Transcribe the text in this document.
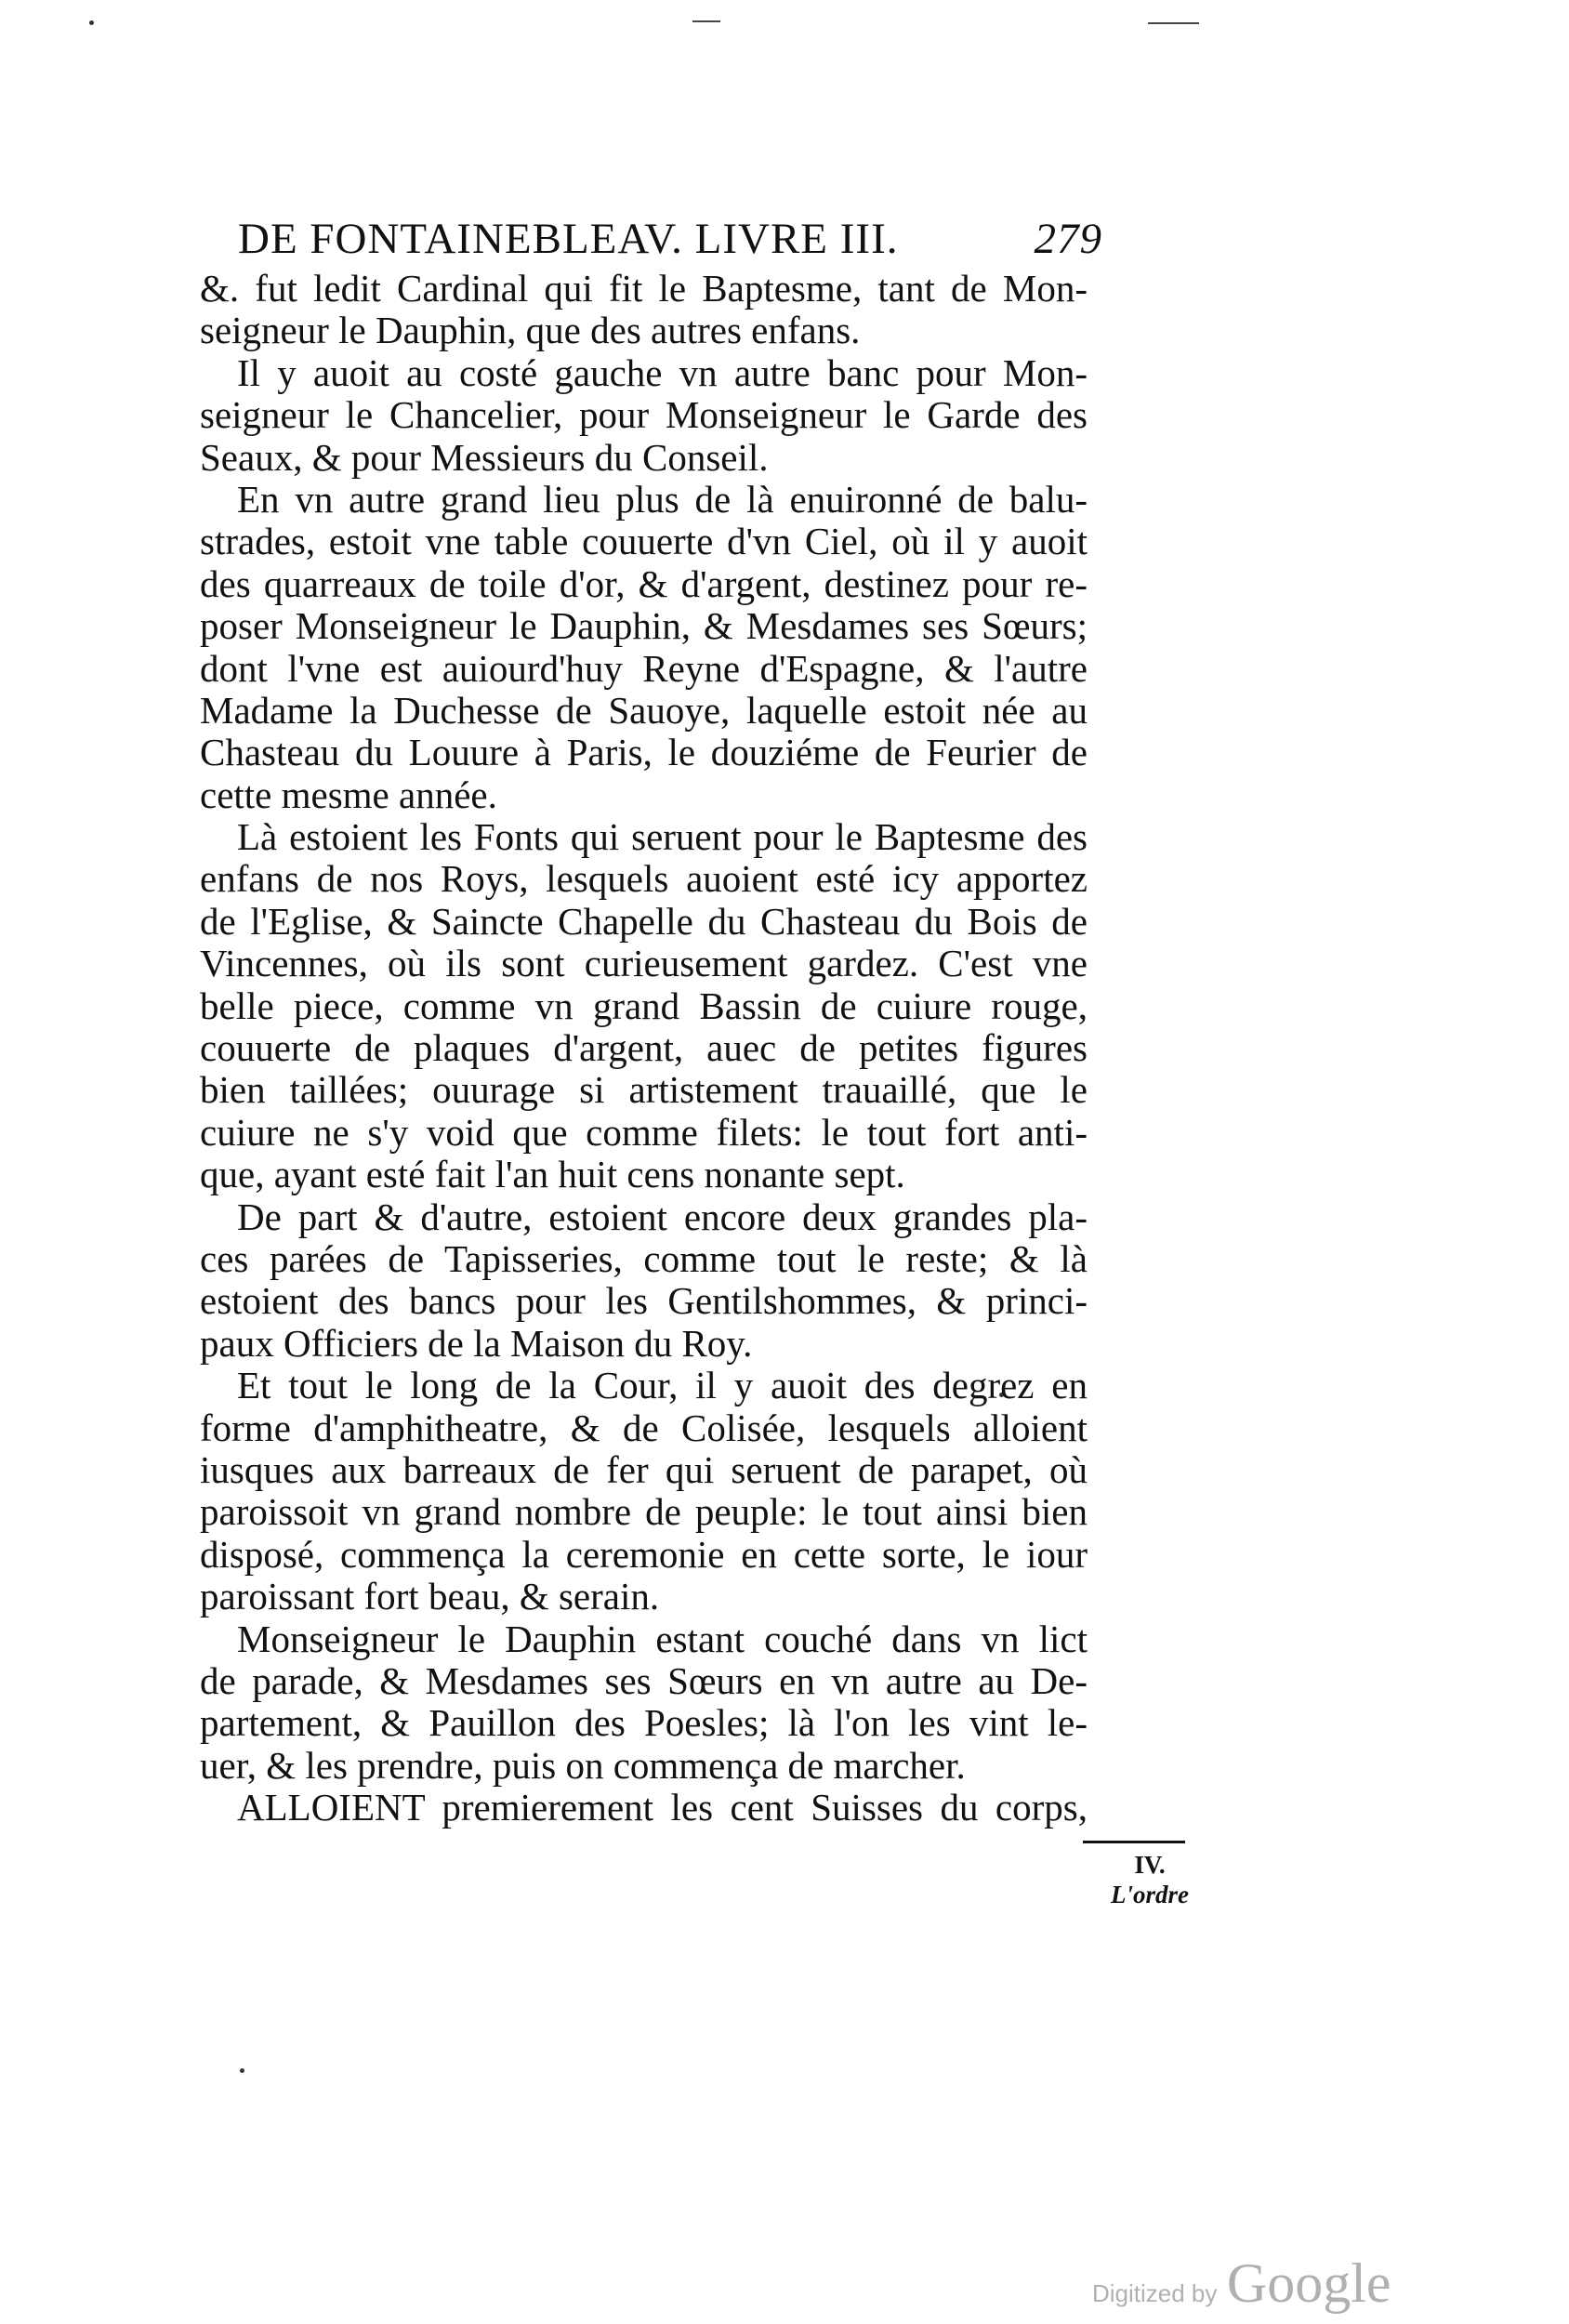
DE FONTAINEBLEAV. LIVRE III.	279
&. fut ledit Cardinal qui fit le Baptesme, tant de Mon-
seigneur le Dauphin, que des autres enfans.
Il y auoit au costé gauche vn autre banc pour Mon-
seigneur le Chancelier, pour Monseigneur le Garde des
Seaux, & pour Messieurs du Conseil.
En vn autre grand lieu plus de là enuironné de balu-
strades, estoit vne table couuerte d'vn Ciel, où il y auoit
des quarreaux de toile d'or, & d'argent, destinez pour re-
poser Monseigneur le Dauphin, & Mesdames ses Sœurs;
dont l'vne est auiourd'huy Reyne d'Espagne, & l'autre
Madame la Duchesse de Sauoye, laquelle estoit née au
Chasteau du Louure à Paris, le douziéme de Feurier de
cette mesme année.
Là estoient les Fonts qui seruent pour le Baptesme des
enfans de nos Roys, lesquels auoient esté icy apportez
de l'Eglise, & Saincte Chapelle du Chasteau du Bois de
Vincennes, où ils sont curieusement gardez. C'est vne
belle piece, comme vn grand Bassin de cuiure rouge,
couuerte de plaques d'argent, auec de petites figures
bien taillées; ouurage si artistement trauaillé, que le
cuiure ne s'y void que comme filets: le tout fort anti-
que, ayant esté fait l'an huit cens nonante sept.
De part & d'autre, estoient encore deux grandes pla-
ces parées de Tapisseries, comme tout le reste; & là
estoient des bancs pour les Gentilshommes, & princi-
paux Officiers de la Maison du Roy.
Et tout le long de la Cour, il y auoit des degrez en
forme d'amphitheatre, & de Colisée, lesquels alloient
iusques aux barreaux de fer qui seruent de parapet, où
paroissoit vn grand nombre de peuple: le tout ainsi bien
disposé, commença la ceremonie en cette sorte, le iour
paroissant fort beau, & serain.
Monseigneur le Dauphin estant couché dans vn lict
de parade, & Mesdames ses Sœurs en vn autre au De-
partement, & Pauillon des Poesles; là l'on les vint le-
uer, & les prendre, puis on commença de marcher.
ALLOIENT premierement les cent Suisses du corps,
IV.
L'ordre
Digitized by Google
